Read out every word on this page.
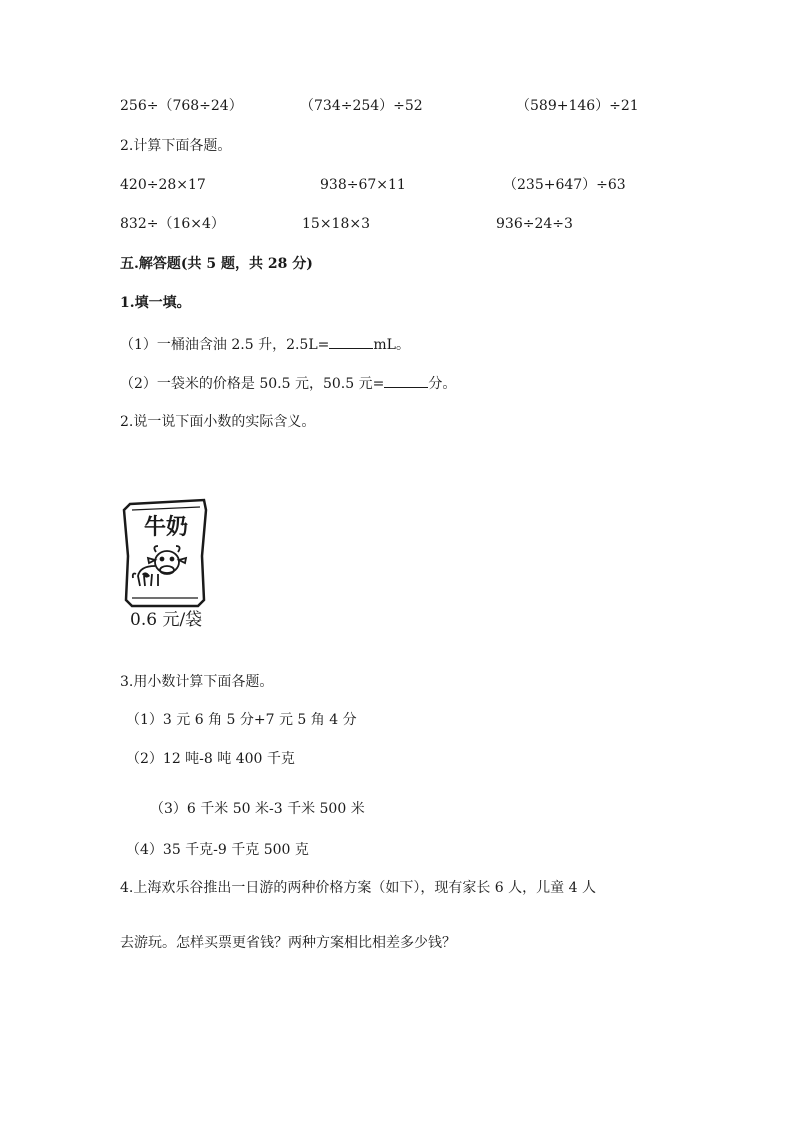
256÷（768÷24）	（734÷254）÷52	（589+146）÷21
2.计算下面各题。
420÷28×17	938÷67×11	（235+647）÷63
832÷（16×4）	15×18×3	936÷24÷3
五.解答题(共 5 题，共 28 分)
1.填一填。
（1）一桶油含油 2.5 升，2.5L=	mL。
（2）一袋米的价格是 50.5 元，50.5 元=	分。
2.说一说下面小数的实际含义。
牛奶
0.6 元/袋
3.用小数计算下面各题。
（1）3 元 6 角 5 分+7 元 5 角 4 分
（2）12 吨-8 吨 400 千克
（3）6 千米 50 米-3 千米 500 米
（4）35 千克-9 千克 500 克
4.上海欢乐谷推出一日游的两种价格方案（如下），现有家长 6 人，儿童 4 人
去游玩。怎样买票更省钱？两种方案相比相差多少钱？
